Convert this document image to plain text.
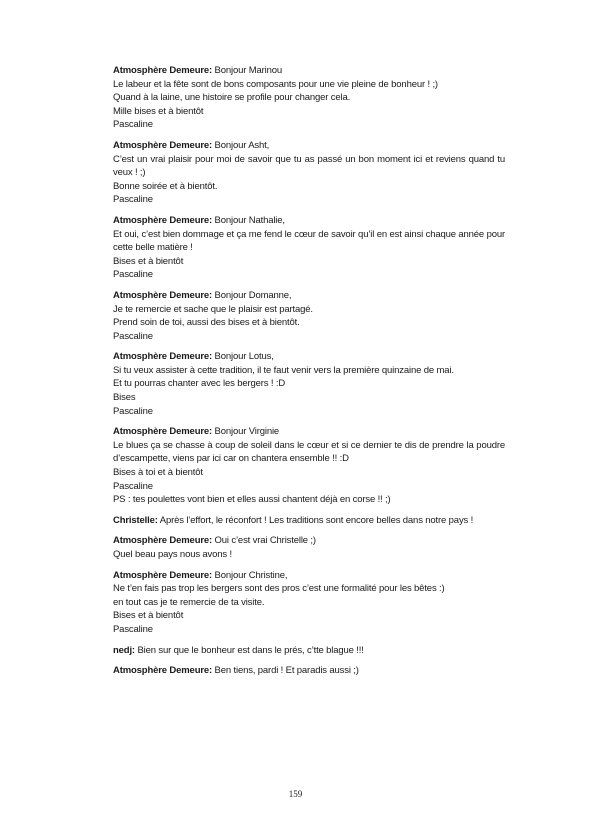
Atmosphère Demeure: Bonjour Marinou
Le labeur et la fête sont de bons composants pour une vie pleine de bonheur ! ;)
Quand à la laine, une histoire se profile pour changer cela.
Mille bises et à bientôt
Pascaline
Atmosphère Demeure: Bonjour Asht,
C’est un vrai plaisir pour moi de savoir que tu as passé un bon moment ici et reviens quand tu veux ! ;)
Bonne soirée et à bientôt.
Pascaline
Atmosphère Demeure: Bonjour Nathalie,
Et oui, c’est bien dommage et ça me fend le cœur de savoir qu’il en est ainsi chaque année pour cette belle matière !
Bises et à bientôt
Pascaline
Atmosphère Demeure: Bonjour Domanne,
Je te remercie et sache que le plaisir est partagé.
Prend soin de toi, aussi des bises et à bientôt.
Pascaline
Atmosphère Demeure: Bonjour Lotus,
Si tu veux assister à cette tradition, il te faut venir vers la première quinzaine de mai.
Et tu pourras chanter avec les bergers ! :D
Bises
Pascaline
Atmosphère Demeure: Bonjour Virginie
Le blues ça se chasse à coup de soleil dans le cœur et si ce dernier te dis de prendre la poudre d’escampette, viens par ici car on chantera ensemble !! :D
Bises à toi et à bientôt
Pascaline
PS : tes poulettes vont bien et elles aussi chantent déjà en corse !! ;)
Christelle: Après l’effort, le réconfort ! Les traditions sont encore belles dans notre pays !
Atmosphère Demeure: Oui c’est vrai Christelle ;)
Quel beau pays nous avons !
Atmosphère Demeure: Bonjour Christine,
Ne t’en fais pas trop les bergers sont des pros c’est une formalité pour les bêtes :)
en tout cas je te remercie de ta visite.
Bises et à bientôt
Pascaline
nedj: Bien sur que le bonheur est dans le prés, c’tte blague !!!
Atmosphère Demeure: Ben tiens, pardi ! Et paradis aussi ;)
159
